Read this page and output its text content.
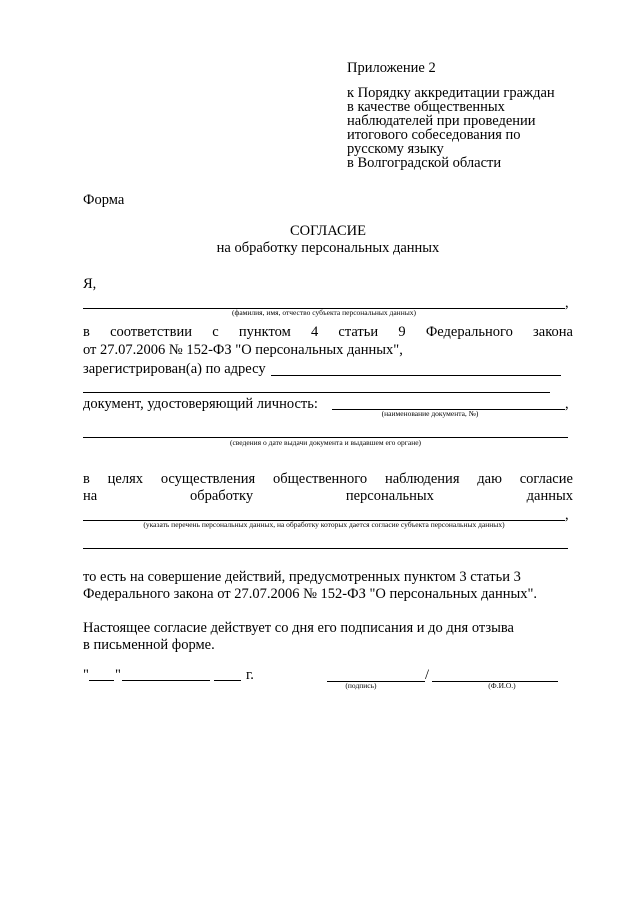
Приложение 2
к Порядку аккредитации граждан
в качестве общественных
наблюдателей при проведении
итогового собеседования по
русскому языку
в Волгоградской области
Форма
СОГЛАСИЕ
на обработку персональных данных
Я,
,
(фамилия, имя, отчество субъекта персональных данных)
в соответствии с пунктом 4 статьи 9 Федерального закона
от 27.07.2006 № 152-ФЗ "О персональных данных",
зарегистрирован(а) по адресу
документ, удостоверяющий личность:	,
(наименование документа, №)
(сведения о дате выдачи документа и выдавшем его органе)
в целях осуществления общественного наблюдения даю согласие
на	обработку	персональных	данных
,
(указать перечень персональных данных, на обработку которых дается согласие субъекта персональных данных)
то есть на совершение действий, предусмотренных пунктом 3 статьи 3
Федерального закона от 27.07.2006 № 152-ФЗ "О персональных данных".
Настоящее согласие действует со дня его подписания и до дня отзыва
в письменной форме.
" "	г.
(подпись)
/
(Ф.И.О.)
